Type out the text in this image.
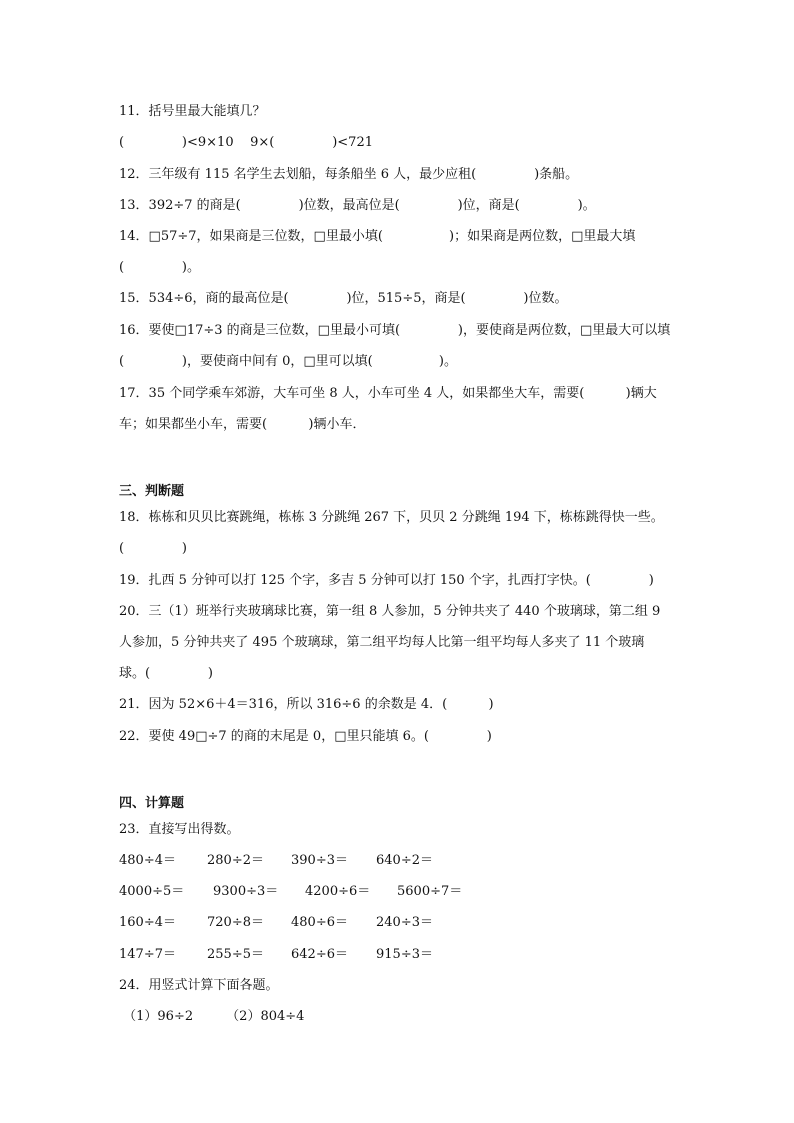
11．括号里最大能填几？
(              )<9×10    9×(              )<721
12．三年级有 115 名学生去划船，每条船坐 6 人，最少应租(              )条船。
13．392÷7 的商是(              )位数，最高位是(              )位，商是(              )。
14．□57÷7，如果商是三位数，□里最小填(                )；如果商是两位数，□里最大填
(              )。
15．534÷6，商的最高位是(              )位，515÷5，商是(              )位数。
16．要使□17÷3 的商是三位数，□里最小可填(              )，要使商是两位数，□里最大可以填
(              )，要使商中间有 0，□里可以填(                )。
17．35 个同学乘车郊游，大车可坐 8 人，小车可坐 4 人，如果都坐大车，需要(          )辆大
车；如果都坐小车，需要(          )辆小车．
三、判断题
18．栋栋和贝贝比赛跳绳，栋栋 3 分跳绳 267 下，贝贝 2 分跳绳 194 下，栋栋跳得快一些。
(              )
19．扎西 5 分钟可以打 125 个字，多吉 5 分钟可以打 150 个字，扎西打字快。(              )
20．三（1）班举行夹玻璃球比赛，第一组 8 人参加，5 分钟共夹了 440 个玻璃球，第二组 9
人参加，5 分钟共夹了 495 个玻璃球，第二组平均每人比第一组平均每人多夹了 11 个玻璃
球。(              )
21．因为 52×6＋4＝316，所以 316÷6 的余数是 4．(          )
22．要使 49□÷7 的商的末尾是 0，□里只能填 6。(              )
四、计算题
23．直接写出得数。
480÷4＝ 280÷2＝ 390÷3＝ 640÷2＝
4000÷5＝ 9300÷3＝ 4200÷6＝ 5600÷7＝
160÷4＝ 720÷8＝ 480÷6＝ 240÷3＝
147÷7＝ 255÷5＝ 642÷6＝ 915÷3＝
24．用竖式计算下面各题。
（1）96÷2        （2）804÷4
